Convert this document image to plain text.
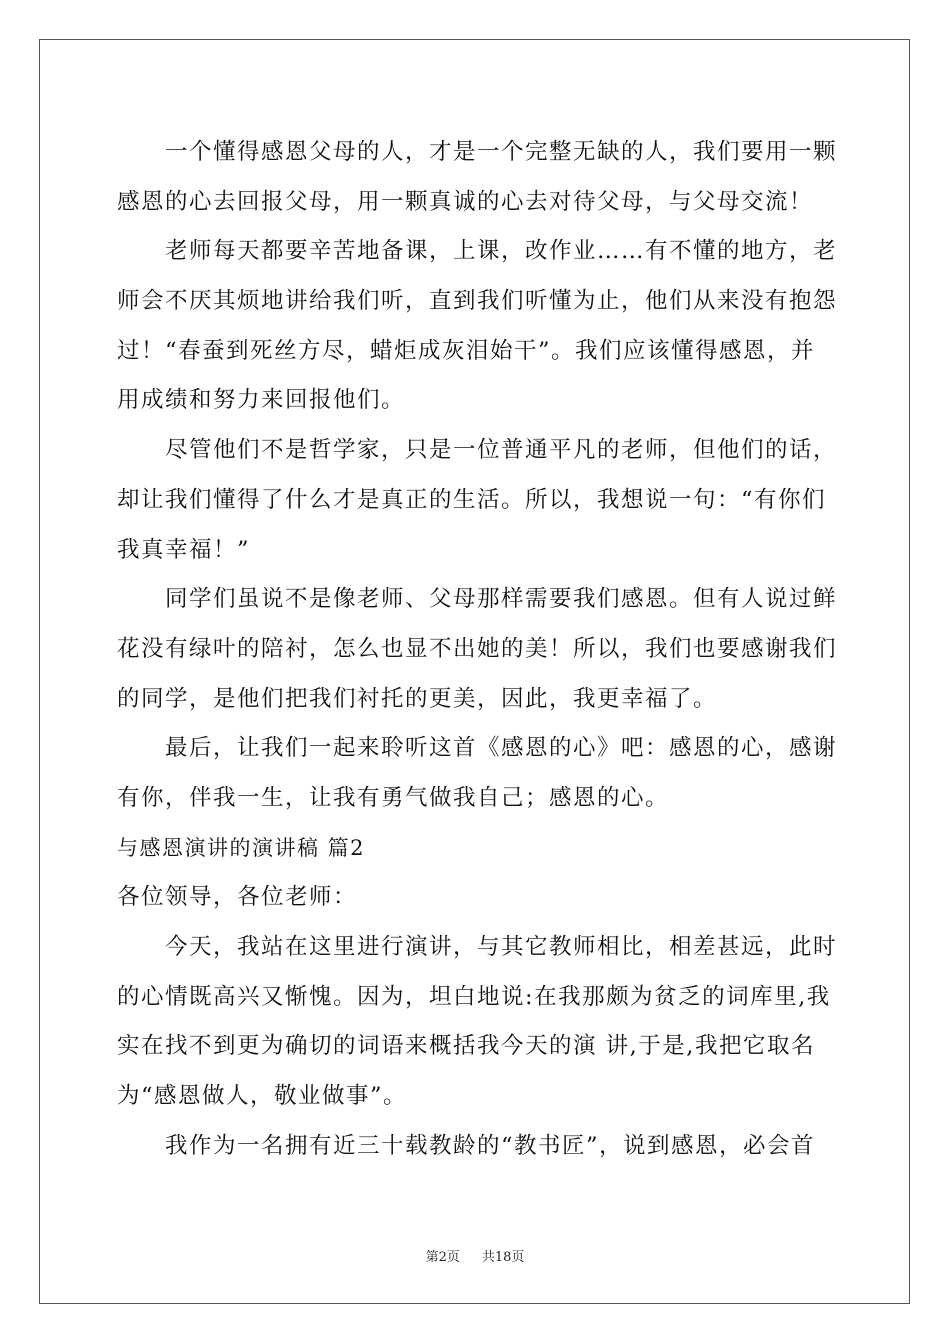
一个懂得感恩父母的人，才是一个完整无缺的人，我们要用一颗
感恩的心去回报父母，用一颗真诚的心去对待父母，与父母交流！
老师每天都要辛苦地备课，上课，改作业……有不懂的地方，老
师会不厌其烦地讲给我们听，直到我们听懂为止，他们从来没有抱怨
过！“春蚕到死丝方尽，蜡炬成灰泪始干”。我们应该懂得感恩，并
用成绩和努力来回报他们。
尽管他们不是哲学家，只是一位普通平凡的老师，但他们的话，
却让我们懂得了什么才是真正的生活。所以，我想说一句：“有你们
我真幸福！”
同学们虽说不是像老师、父母那样需要我们感恩。但有人说过鲜
花没有绿叶的陪衬，怎么也显不出她的美！所以，我们也要感谢我们
的同学，是他们把我们衬托的更美，因此，我更幸福了。
最后，让我们一起来聆听这首《感恩的心》吧：感恩的心，感谢
有你，伴我一生，让我有勇气做我自己；感恩的心。
与感恩演讲的演讲稿 篇2
各位领导，各位老师：
今天，我站在这里进行演讲，与其它教师相比，相差甚远，此时
的心情既高兴又惭愧。因为，坦白地说:在我那颇为贫乏的词库里,我
实在找不到更为确切的词语来概括我今天的演 讲,于是,我把它取名
为“感恩做人，敬业做事”。
我作为一名拥有近三十载教龄的“教书匠”，说到感恩，必会首
第2页 共18页
